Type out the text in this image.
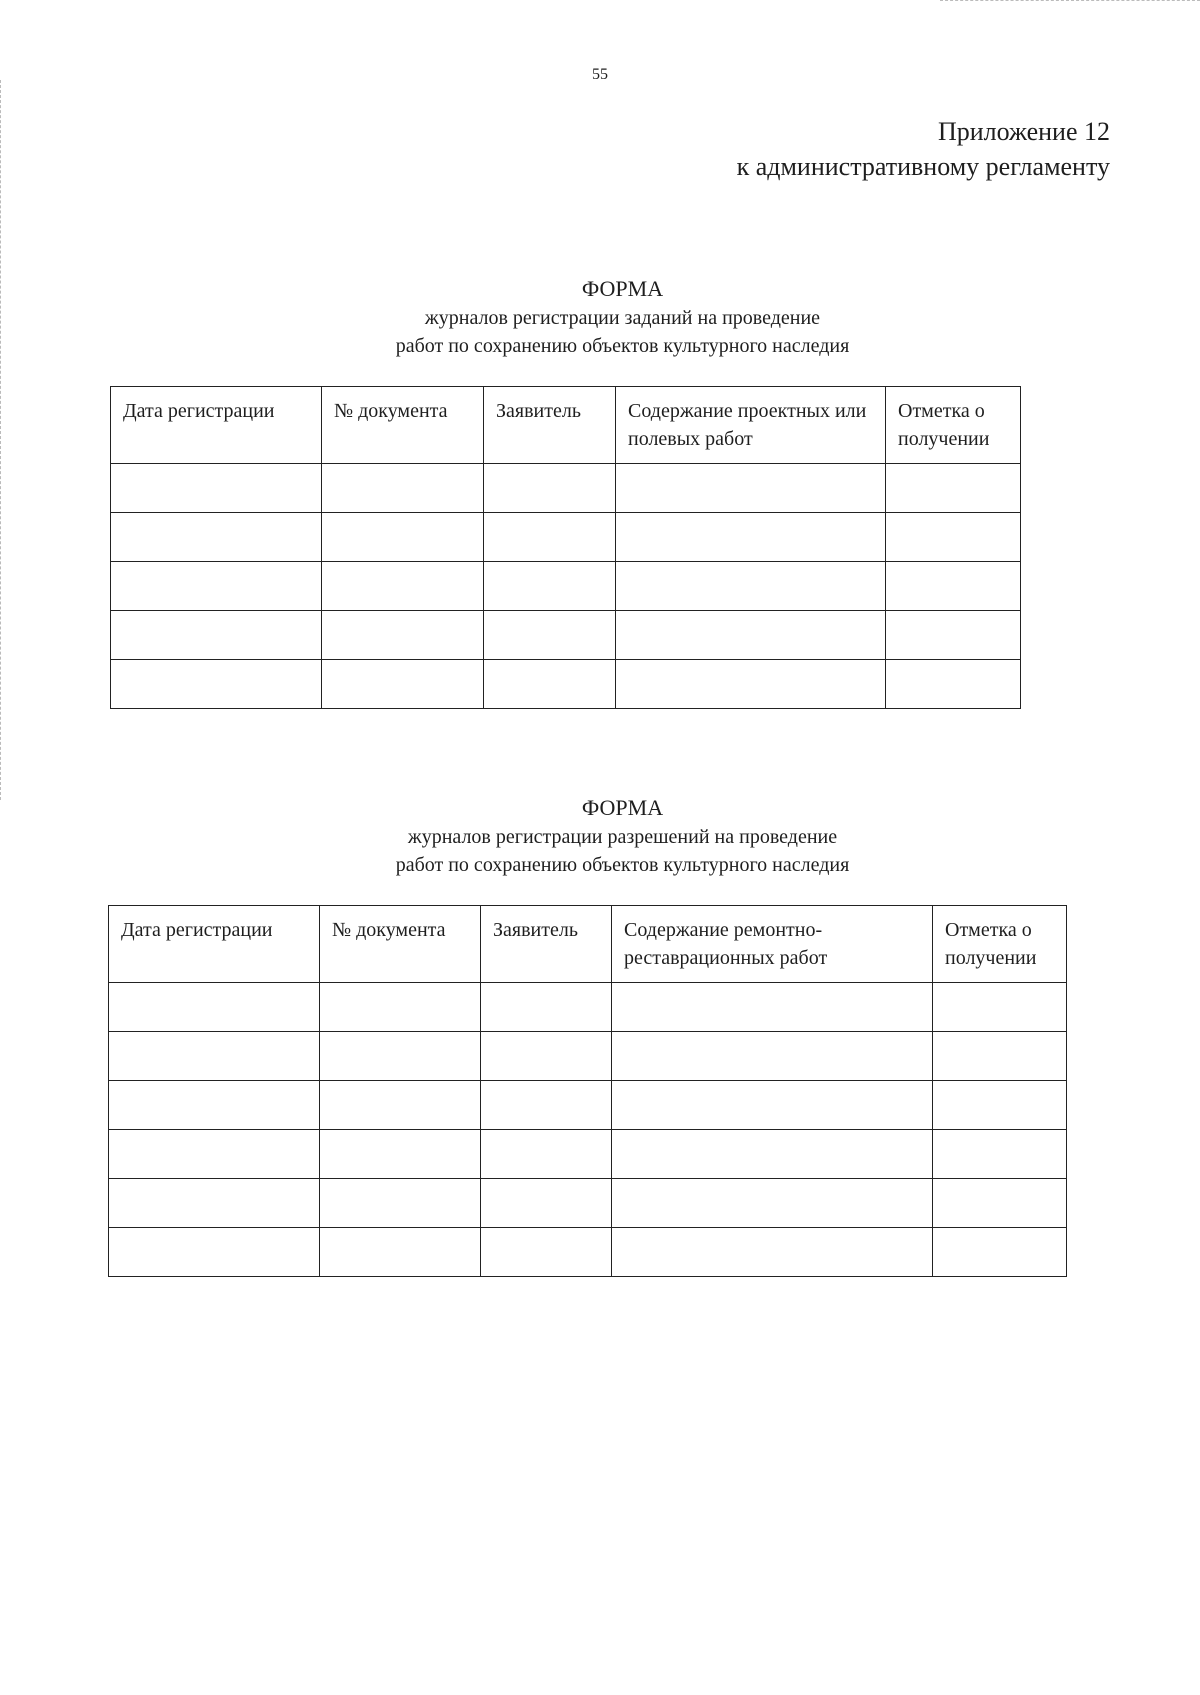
55
Приложение 12
к административному регламенту
ФОРМА
журналов регистрации заданий на проведение
работ по сохранению объектов культурного наследия
Дата регистрации	№ документа	Заявитель	Содержание проектных или полевых работ	Отметка о получении

ФОРМА
журналов регистрации разрешений на проведение
работ по сохранению объектов культурного наследия
Дата регистрации	№ документа	Заявитель	Содержание ремонтно-реставрационных работ	Отметка о получении
